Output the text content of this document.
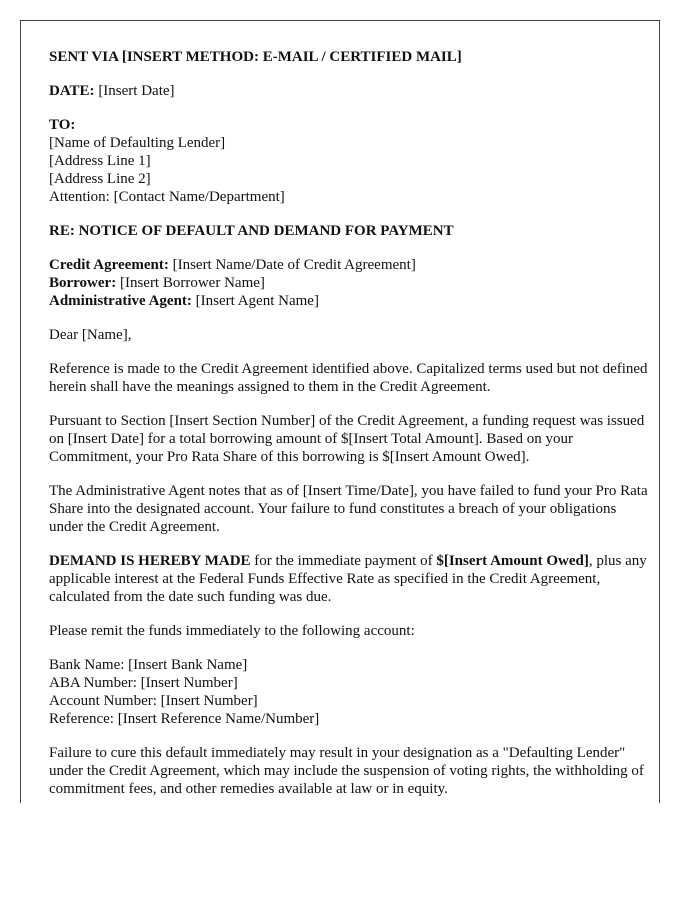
SENT VIA [INSERT METHOD: E-MAIL / CERTIFIED MAIL]

DATE: [Insert Date]

TO:
[Name of Defaulting Lender]
[Address Line 1]
[Address Line 2]
Attention: [Contact Name/Department]

RE: NOTICE OF DEFAULT AND DEMAND FOR PAYMENT

Credit Agreement: [Insert Name/Date of Credit Agreement]
Borrower: [Insert Borrower Name]
Administrative Agent: [Insert Agent Name]

Dear [Name],

Reference is made to the Credit Agreement identified above. Capitalized terms used but not defined herein shall have the meanings assigned to them in the Credit Agreement.

Pursuant to Section [Insert Section Number] of the Credit Agreement, a funding request was issued on [Insert Date] for a total borrowing amount of $[Insert Total Amount]. Based on your Commitment, your Pro Rata Share of this borrowing is $[Insert Amount Owed].

The Administrative Agent notes that as of [Insert Time/Date], you have failed to fund your Pro Rata Share into the designated account. Your failure to fund constitutes a breach of your obligations under the Credit Agreement.

DEMAND IS HEREBY MADE for the immediate payment of $[Insert Amount Owed], plus any applicable interest at the Federal Funds Effective Rate as specified in the Credit Agreement, calculated from the date such funding was due.

Please remit the funds immediately to the following account:

Bank Name: [Insert Bank Name]
ABA Number: [Insert Number]
Account Number: [Insert Number]
Reference: [Insert Reference Name/Number]

Failure to cure this default immediately may result in your designation as a "Defaulting Lender" under the Credit Agreement, which may include the suspension of voting rights, the withholding of commitment fees, and other remedies available at law or in equity.
